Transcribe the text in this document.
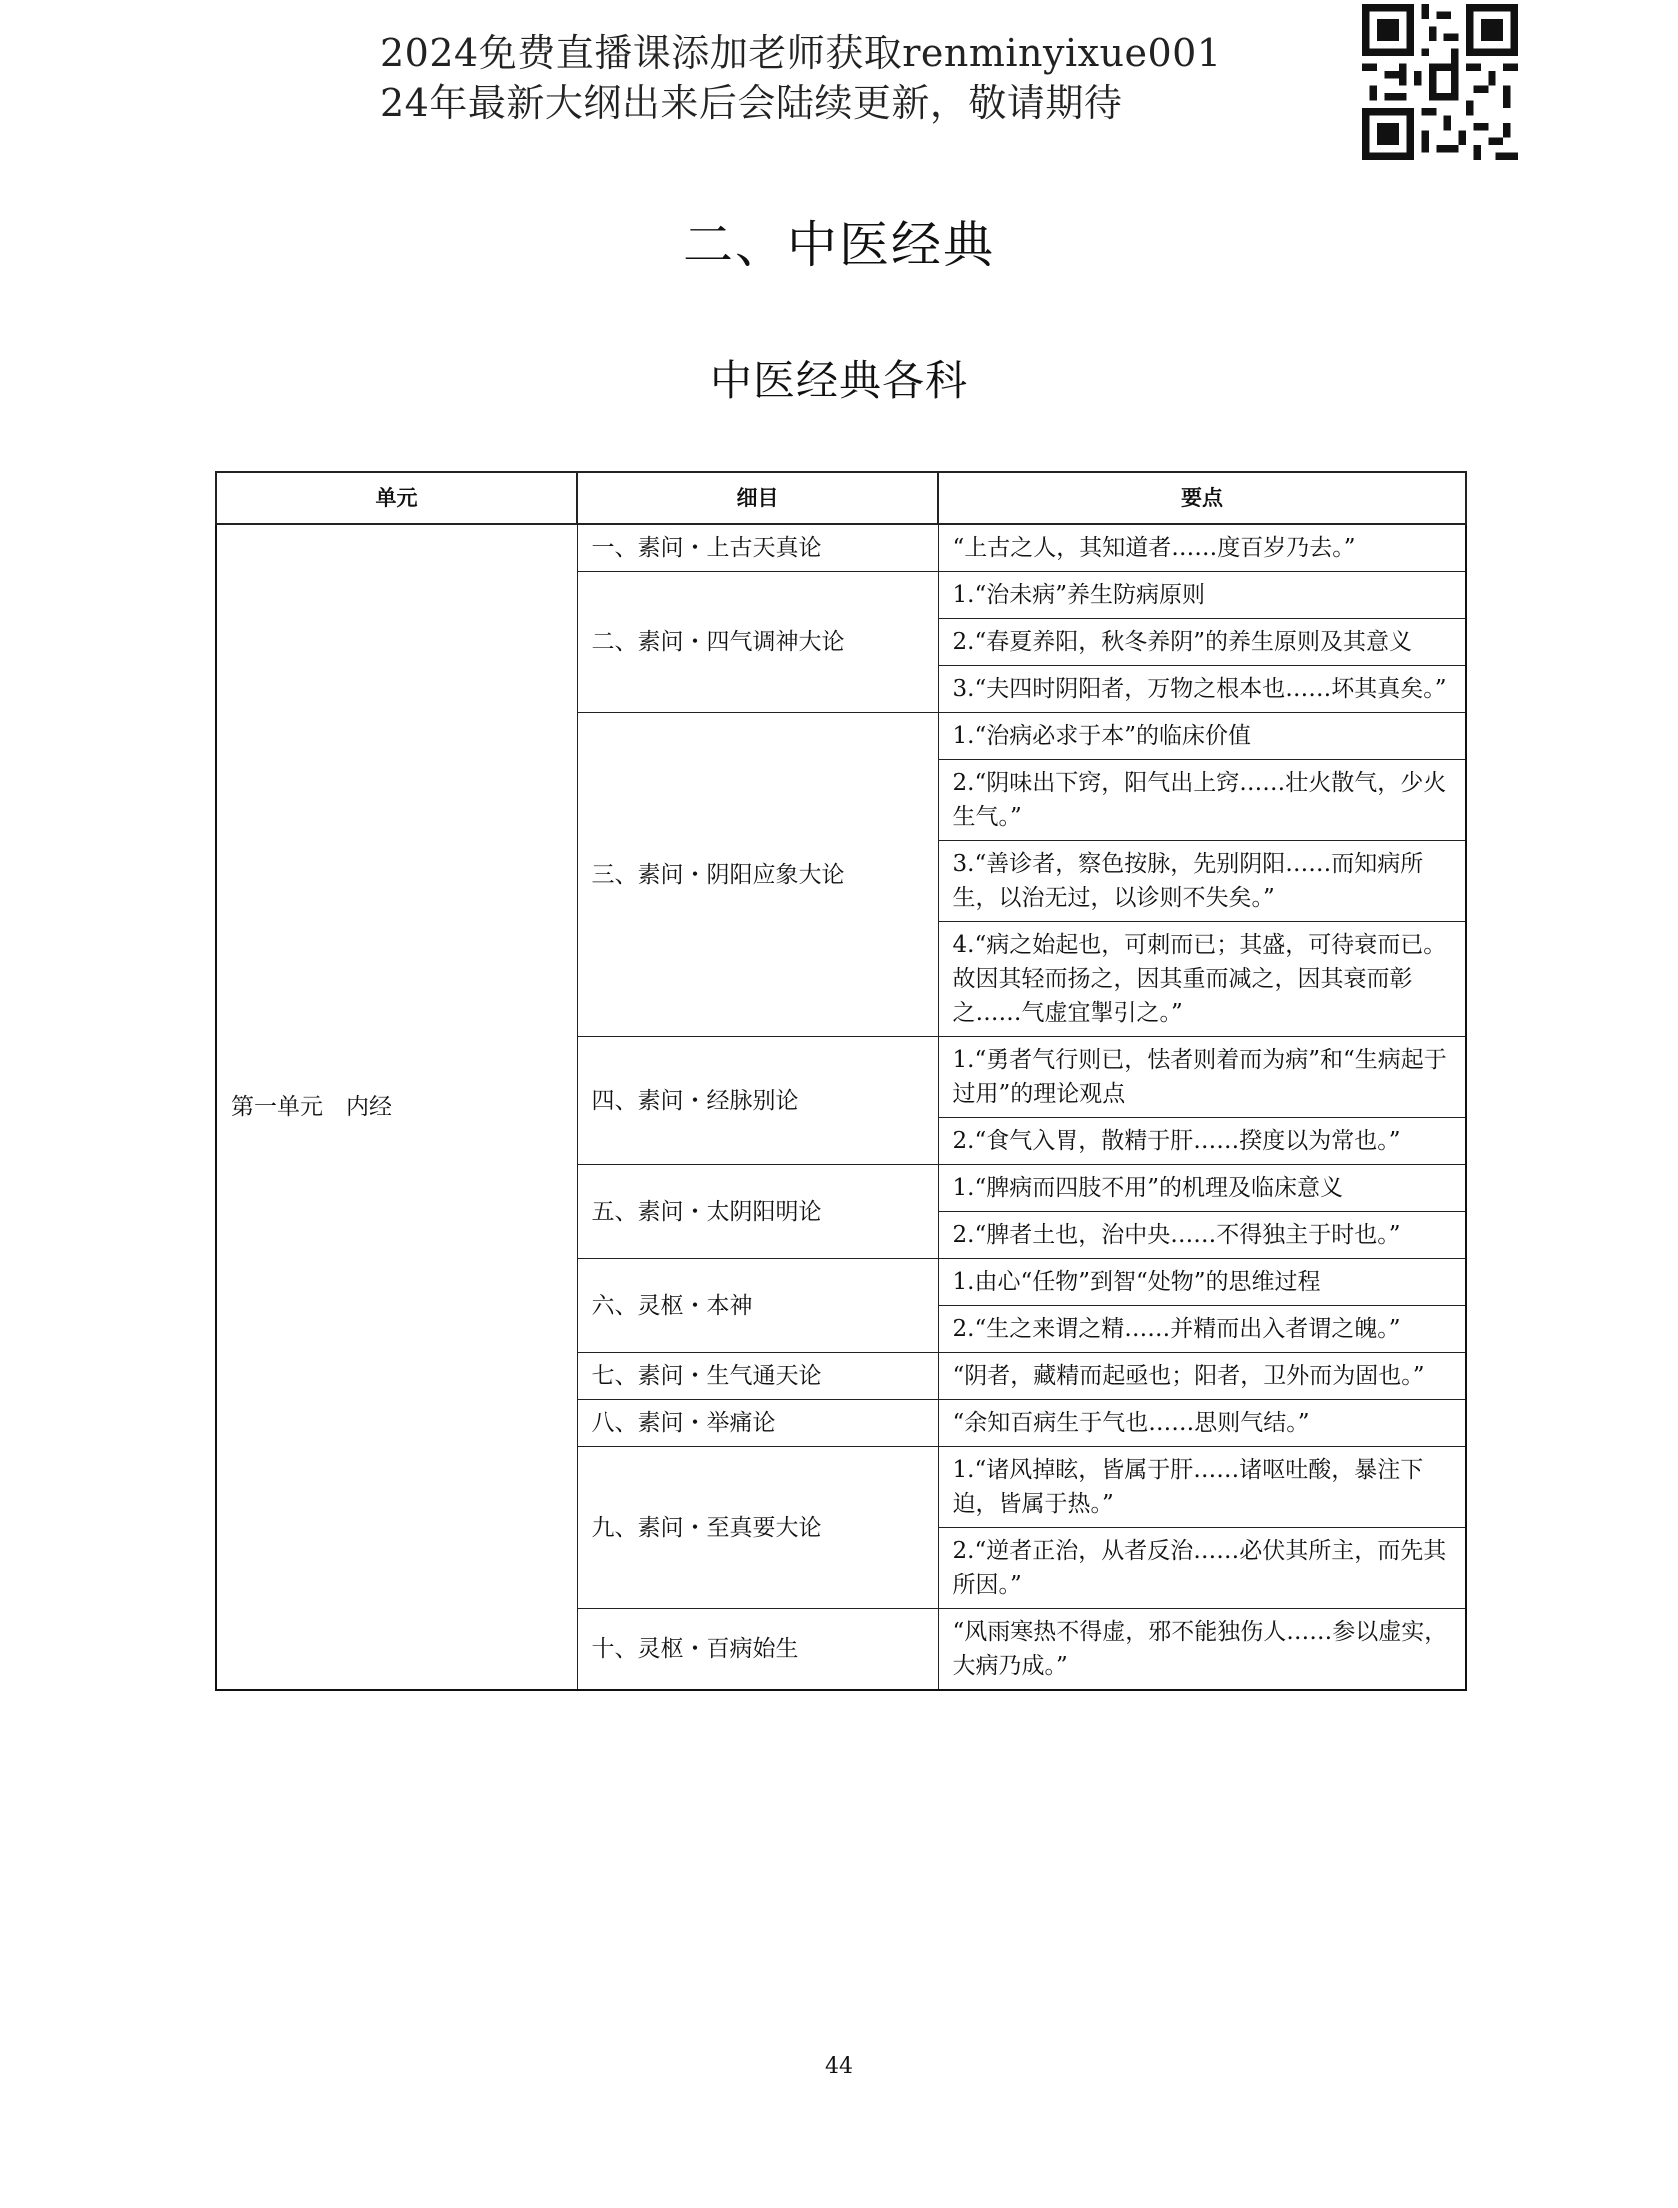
2024免费直播课添加老师获取renminyixue001
24年最新大纲出来后会陆续更新，敬请期待
二、中医经典
中医经典各科
单元	细目	要点
第一单元　内经	一、素问・上古天真论	“上古之人，其知道者……度百岁乃去。”
	二、素问・四气调神大论	1.“治未病”养生防病原则
		2.“春夏养阳，秋冬养阴”的养生原则及其意义
		3.“夫四时阴阳者，万物之根本也……坏其真矣。”
	三、素问・阴阳应象大论	1.“治病必求于本”的临床价值
		2.“阴味出下窍，阳气出上窍……壮火散气，少火生气。”
		3.“善诊者，察色按脉，先别阴阳……而知病所生，以治无过，以诊则不失矣。”
		4.“病之始起也，可刺而已；其盛，可待衰而已。故因其轻而扬之，因其重而减之，因其衰而彰之……气虚宜掣引之。”
	四、素问・经脉别论	1.“勇者气行则已，怯者则着而为病”和“生病起于过用”的理论观点
		2.“食气入胃，散精于肝……揆度以为常也。”
	五、素问・太阴阳明论	1.“脾病而四肢不用”的机理及临床意义
		2.“脾者土也，治中央……不得独主于时也。”
	六、灵枢・本神	1.由心“任物”到智“处物”的思维过程
		2.“生之来谓之精……并精而出入者谓之魄。”
	七、素问・生气通天论	“阴者，藏精而起亟也；阳者，卫外而为固也。”
	八、素问・举痛论	“余知百病生于气也……思则气结。”
	九、素问・至真要大论	1.“诸风掉眩，皆属于肝……诸呕吐酸，暴注下迫，皆属于热。”
		2.“逆者正治，从者反治……必伏其所主，而先其所因。”
	十、灵枢・百病始生	“风雨寒热不得虚，邪不能独伤人……参以虚实，大病乃成。”
44
